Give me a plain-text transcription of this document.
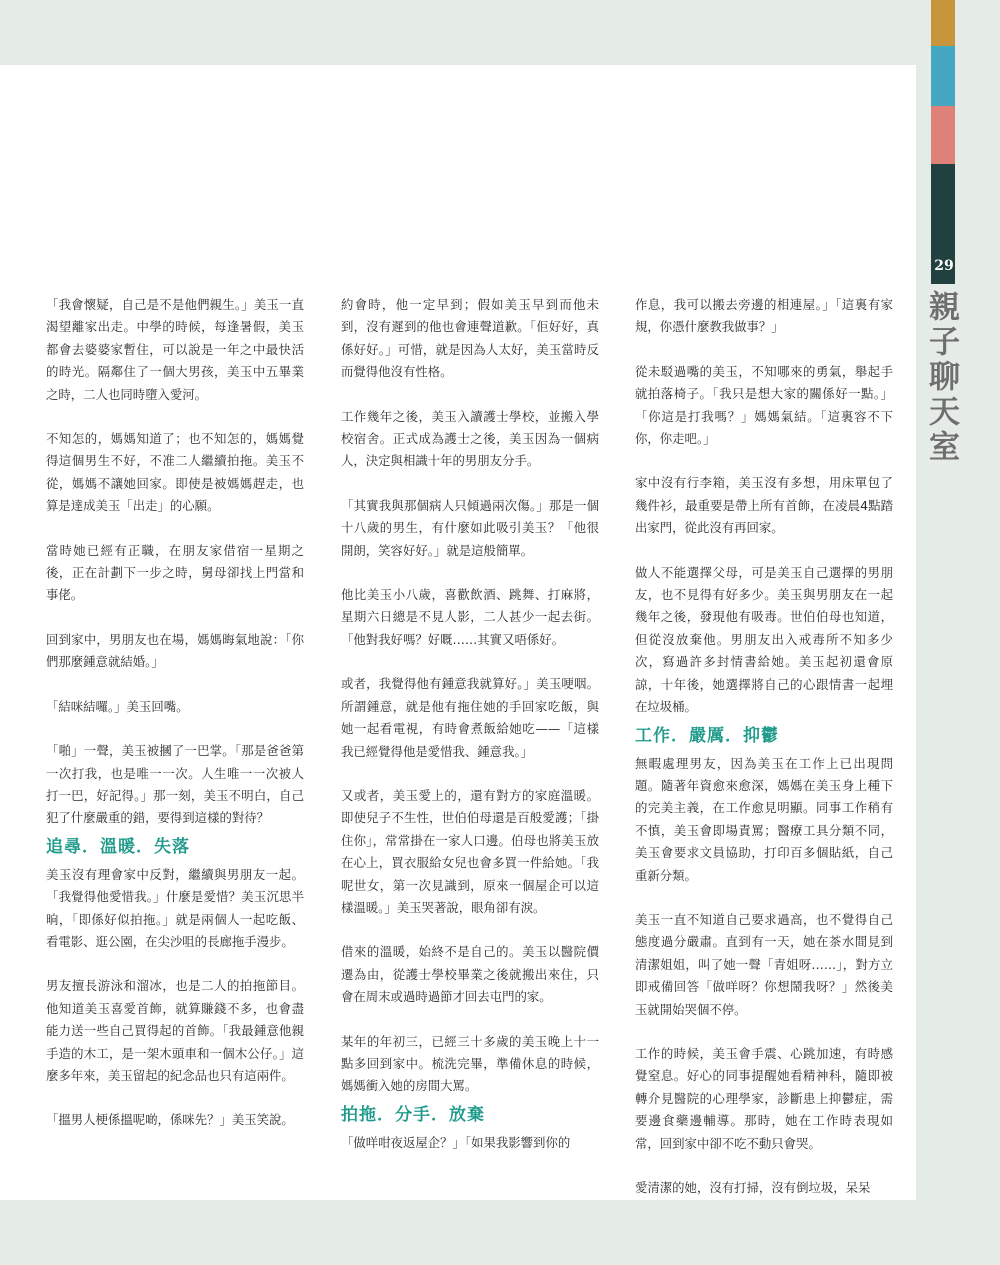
29
親子聊天室

「我會懷疑，自己是不是他們親生。」美玉一直渴望離家出走。中學的時候，每逢暑假，美玉都會去婆婆家暫住，可以說是一年之中最快活的時光。隔鄰住了一個大男孩，美玉中五畢業之時，二人也同時墮入愛河。

不知怎的，媽媽知道了；也不知怎的，媽媽覺得這個男生不好，不准二人繼續拍拖。美玉不從，媽媽不讓她回家。即使是被媽媽趕走，也算是達成美玉「出走」的心願。

當時她已經有正職，在朋友家借宿一星期之後，正在計劃下一步之時，舅母卻找上門當和事佬。

回到家中，男朋友也在場，媽媽晦氣地說：「你們那麼鍾意就結婚。」

「結咪結囉。」美玉回嘴。

「啪」一聲，美玉被摑了一巴掌。「那是爸爸第一次打我，也是唯一一次。人生唯一一次被人打一巴，好記得。」那一刻，美玉不明白，自己犯了什麼嚴重的錯，要得到這樣的對待？

追尋．溫暖．失落

美玉沒有理會家中反對，繼續與男朋友一起。「我覺得他愛惜我。」什麼是愛惜？美玉沉思半晌，「即係好似拍拖。」就是兩個人一起吃飯、看電影、逛公園，在尖沙咀的長廊拖手漫步。

男友擅長游泳和溜冰，也是二人的拍拖節目。他知道美玉喜愛首飾，就算賺錢不多，也會盡能力送一些自己買得起的首飾。「我最鍾意他親手造的木工，是一架木頭車和一個木公仔。」這麼多年來，美玉留起的紀念品也只有這兩件。

「搵男人梗係搵呢啲，係咪先？」美玉笑說。

約會時，他一定早到；假如美玉早到而他未到，沒有遲到的他也會連聲道歉。「佢好好，真係好好。」可惜，就是因為人太好，美玉當時反而覺得他沒有性格。

工作幾年之後，美玉入讀護士學校，並搬入學校宿舍。正式成為護士之後，美玉因為一個病人，決定與相識十年的男朋友分手。

「其實我與那個病人只傾過兩次傷。」那是一個十八歲的男生，有什麼如此吸引美玉？「他很開朗，笑容好好。」就是這般簡單。

他比美玉小八歲，喜歡飲酒、跳舞、打麻將，星期六日總是不見人影，二人甚少一起去街。「他對我好嗎？好嘅……其實又唔係好。

或者，我覺得他有鍾意我就算好。」美玉哽咽。所謂鍾意，就是他有拖住她的手回家吃飯，與她一起看電視，有時會煮飯給她吃——「這樣我已經覺得他是愛惜我、鍾意我。」

又或者，美玉愛上的，還有對方的家庭溫暖。即使兒子不生性，世伯伯母還是百般愛護；「掛住你」，常常掛在一家人口邊。伯母也將美玉放在心上，買衣服給女兒也會多買一件給她。「我呢世女，第一次見識到，原來一個屋企可以這樣溫暖。」美玉哭著說，眼角卻有淚。

借來的溫暖，始終不是自己的。美玉以醫院價遷為由，從護士學校畢業之後就搬出來住，只會在周末或過時過節才回去屯門的家。

某年的年初三，已經三十多歲的美玉晚上十一點多回到家中。梳洗完畢，準備休息的時候，媽媽衝入她的房間大罵。

拍拖．分手．放棄

「做咩咁夜返屋企？」「如果我影響到你的

作息，我可以搬去旁邊的相連屋。」「這裏有家規，你憑什麼教我做事？」

從未駁過嘴的美玉，不知哪來的勇氣，舉起手就拍落椅子。「我只是想大家的關係好一點。」「你這是打我嗎？」媽媽氣結。「這裏容不下你，你走吧。」

家中沒有行李箱，美玉沒有多想，用床單包了幾件衫，最重要是帶上所有首飾，在凌晨4點踏出家門，從此沒有再回家。

做人不能選擇父母，可是美玉自己選擇的男朋友，也不見得有好多少。美玉與男朋友在一起幾年之後，發現他有吸毒。世伯伯母也知道，但從沒放棄他。男朋友出入戒毒所不知多少次，寫過許多封情書給她。美玉起初還會原諒，十年後，她選擇將自己的心跟情書一起埋在垃圾桶。

工作．嚴厲．抑鬱

無暇處理男友，因為美玉在工作上已出現問題。隨著年資愈來愈深，媽媽在美玉身上種下的完美主義，在工作愈見明顯。同事工作稍有不慎，美玉會即場責罵；醫療工具分類不同，美玉會要求文員協助，打印百多個貼紙，自己重新分類。

美玉一直不知道自己要求過高，也不覺得自己態度過分嚴肅。直到有一天，她在茶水間見到清潔姐姐，叫了她一聲「青姐呀……」，對方立即戒備回答「做咩呀？你想鬧我呀？」然後美玉就開始哭個不停。

工作的時候，美玉會手震、心跳加速，有時感覺窒息。好心的同事提醒她看精神科，隨即被轉介見醫院的心理學家，診斷患上抑鬱症，需要邊食藥邊輔導。那時，她在工作時表現如常，回到家中卻不吃不動只會哭。

愛清潔的她，沒有打掃，沒有倒垃圾，呆呆
